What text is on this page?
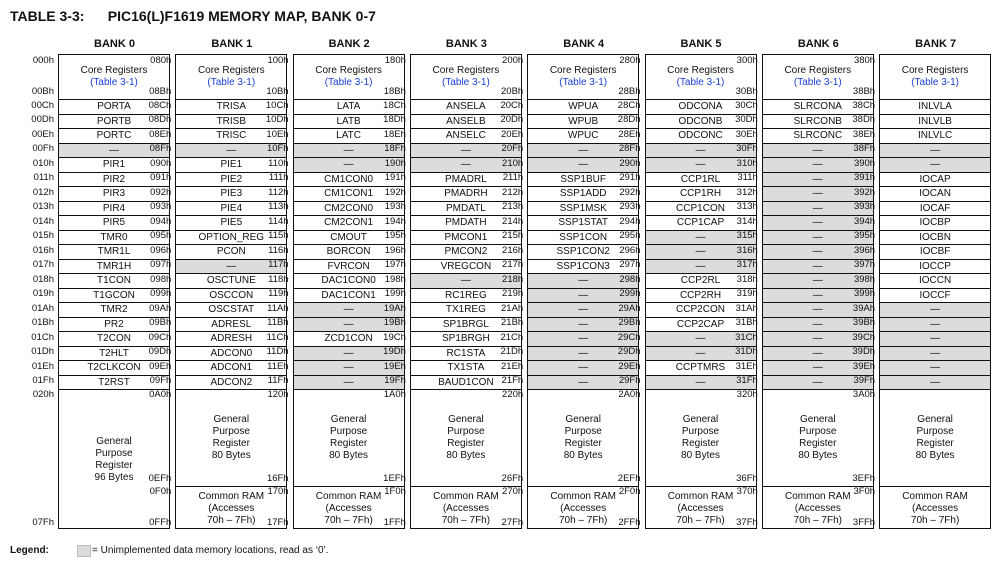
TABLE 3-3:      PIC16(L)F1619 MEMORY MAP, BANK 0-7
BANK 0
Core Registers
(Table 3-1)
PORTA
PORTB
PORTC
—
PIR1
PIR2
PIR3
PIR4
PIR5
TMR0
TMR1L
TMR1H
T1CON
T1GCON
TMR2
PR2
T2CON
T2HLT
T2CLKCON
T2RST
General
Purpose
Register
96 Bytes
000h
00Bh
00Ch
00Dh
00Eh
00Fh
010h
011h
012h
013h
014h
015h
016h
017h
018h
019h
01Ah
01Bh
01Ch
01Dh
01Eh
01Fh
020h
07Fh
BANK 1
Core Registers
(Table 3-1)
TRISA
TRISB
TRISC
—
PIE1
PIE2
PIE3
PIE4
PIE5
OPTION_REG
PCON
—
OSCTUNE
OSCCON
OSCSTAT
ADRESL
ADRESH
ADCON0
ADCON1
ADCON2
General
Purpose
Register
80 Bytes
Common RAM
(Accesses
70h – 7Fh)
080h
08Bh
08Ch
08Dh
08Eh
08Fh
090h
091h
092h
093h
094h
095h
096h
097h
098h
099h
09Ah
09Bh
09Ch
09Dh
09Eh
09Fh
0A0h
0EFh
0F0h
0FFh
BANK 2
Core Registers
(Table 3-1)
LATA
LATB
LATC
—
—
CM1CON0
CM1CON1
CM2CON0
CM2CON1
CMOUT
BORCON
FVRCON
DAC1CON0
DAC1CON1
—
—
ZCD1CON
—
—
—
General
Purpose
Register
80 Bytes
Common RAM
(Accesses
70h – 7Fh)
100h
10Bh
10Ch
10Dh
10Eh
10Fh
110h
111h
112h
113h
114h
115h
116h
117h
118h
119h
11Ah
11Bh
11Ch
11Dh
11Eh
11Fh
120h
16Fh
170h
17Fh
BANK 3
Core Registers
(Table 3-1)
ANSELA
ANSELB
ANSELC
—
—
PMADRL
PMADRH
PMDATL
PMDATH
PMCON1
PMCON2
VREGCON
—
RC1REG
TX1REG
SP1BRGL
SP1BRGH
RC1STA
TX1STA
BAUD1CON
General
Purpose
Register
80 Bytes
Common RAM
(Accesses
70h – 7Fh)
180h
18Bh
18Ch
18Dh
18Eh
18Fh
190h
191h
192h
193h
194h
195h
196h
197h
198h
199h
19Ah
19Bh
19Ch
19Dh
19Eh
19Fh
1A0h
1EFh
1F0h
1FFh
BANK 4
Core Registers
(Table 3-1)
WPUA
WPUB
WPUC
—
—
SSP1BUF
SSP1ADD
SSP1MSK
SSP1STAT
SSP1CON
SSP1CON2
SSP1CON3
—
—
—
—
—
—
—
—
General
Purpose
Register
80 Bytes
Common RAM
(Accesses
70h – 7Fh)
200h
20Bh
20Ch
20Dh
20Eh
20Fh
210h
211h
212h
213h
214h
215h
216h
217h
218h
219h
21Ah
21Bh
21Ch
21Dh
21Eh
21Fh
220h
26Fh
270h
27Fh
BANK 5
Core Registers
(Table 3-1)
ODCONA
ODCONB
ODCONC
—
—
CCP1RL
CCP1RH
CCP1CON
CCP1CAP
—
—
—
CCP2RL
CCP2RH
CCP2CON
CCP2CAP
—
—
CCPTMRS
—
General
Purpose
Register
80 Bytes
Common RAM
(Accesses
70h – 7Fh)
280h
28Bh
28Ch
28Dh
28Eh
28Fh
290h
291h
292h
293h
294h
295h
296h
297h
298h
299h
29Ah
29Bh
29Ch
29Dh
29Eh
29Fh
2A0h
2EFh
2F0h
2FFh
BANK 6
Core Registers
(Table 3-1)
SLRCONA
SLRCONB
SLRCONC
—
—
—
—
—
—
—
—
—
—
—
—
—
—
—
—
—
General
Purpose
Register
80 Bytes
Common RAM
(Accesses
70h – 7Fh)
300h
30Bh
30Ch
30Dh
30Eh
30Fh
310h
311h
312h
313h
314h
315h
316h
317h
318h
319h
31Ah
31Bh
31Ch
31Dh
31Eh
31Fh
320h
36Fh
370h
37Fh
BANK 7
Core Registers
(Table 3-1)
INLVLA
INLVLB
INLVLC
—
—
IOCAP
IOCAN
IOCAF
IOCBP
IOCBN
IOCBF
IOCCP
IOCCN
IOCCF
—
—
—
—
—
—
General
Purpose
Register
80 Bytes
Common RAM
(Accesses
70h – 7Fh)
380h
38Bh
38Ch
38Dh
38Eh
38Fh
390h
391h
392h
393h
394h
395h
396h
397h
398h
399h
39Ah
39Bh
39Ch
39Dh
39Eh
39Fh
3A0h
3EFh
3F0h
3FFh
Legend:	= Unimplemented data memory locations, read as ‘0’.
